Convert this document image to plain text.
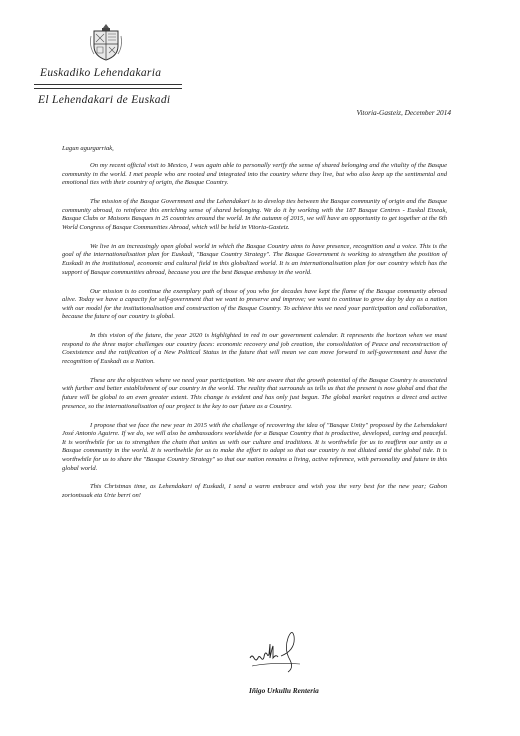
Euskadiko Lehendakaria
El Lehendakari de Euskadi
Vitoria-Gasteiz, December 2014

Lagun agurgarriak,

On my recent official visit to Mexico, I was again able to personally verify the sense of shared belonging and the vitality of the Basque community in the world. I met people who are rooted and integrated into the country where they live, but who also keep up the sentimental and emotional ties with their country of origin, the Basque Country.

The mission of the Basque Government and the Lehendakari is to develop ties between the Basque community of origin and the Basque community abroad, to reinforce this enriching sense of shared belonging. We do it by working with the 187 Basque Centres - Euskal Etxeak, Basque Clubs or Maisons Basques in 25 countries around the world. In the autumn of 2015, we will have an opportunity to get together at the 6th World Congress of Basque Communities Abroad, which will be held in Vitoria-Gasteiz.

We live in an increasingly open global world in which the Basque Country aims to have presence, recognition and a voice. This is the goal of the internationalisation plan for Euskadi, "Basque Country Strategy". The Basque Government is working to strengthen the position of Euskadi in the institutional, economic and cultural field in this globalized world. It is an internationalisation plan for our country which has the support of Basque communities abroad, because you are the best Basque embassy in the world.

Our mission is to continue the exemplary path of those of you who for decades have kept the flame of the Basque community abroad alive. Today we have a capacity for self-government that we want to preserve and improve; we want to continue to grow day by day as a nation with our model for the institutionalisation and construction of the Basque Country. To achieve this we need your participation and collaboration, because the future of our country is global.

In this vision of the future, the year 2020 is highlighted in red in our government calendar. It represents the horizon when we must respond to the three major challenges our country faces: economic recovery and job creation, the consolidation of Peace and reconstruction of Coexistence and the ratification of a New Political Status in the future that will mean we can move forward in self-government and have the recognition of Euskadi as a Nation.

These are the objectives where we need your participation. We are aware that the growth potential of the Basque Country is associated with further and better establishment of our country in the world. The reality that surrounds us tells us that the present is now global and that the future will be global to an even greater extent. This change is evident and has only just begun. The global market requires a direct and active presence, so the internationalisation of our project is the key to our future as a Country.

I propose that we face the new year in 2015 with the challenge of recovering the idea of "Basque Unity" proposed by the Lehendakari José Antonio Aguirre. If we do, we will also be ambassadors worldwide for a Basque Country that is productive, developed, caring and peaceful. It is worthwhile for us to strengthen the chain that unites us with our culture and traditions. It is worthwhile for us to reaffirm our unity as a Basque community in the world. It is worthwhile for us to make the effort to adapt so that our country is not diluted amid the global tide. It is worthwhile for us to share the "Basque Country Strategy" so that our nation remains a living, active reference, with personality and future in this global world.

This Christmas time, as Lehendakari of Euskadi, I send a warm embrace and wish you the very best for the new year; Gabon zoriontsuak eta Urte berri on!

Iñigo Urkullu Renteria
